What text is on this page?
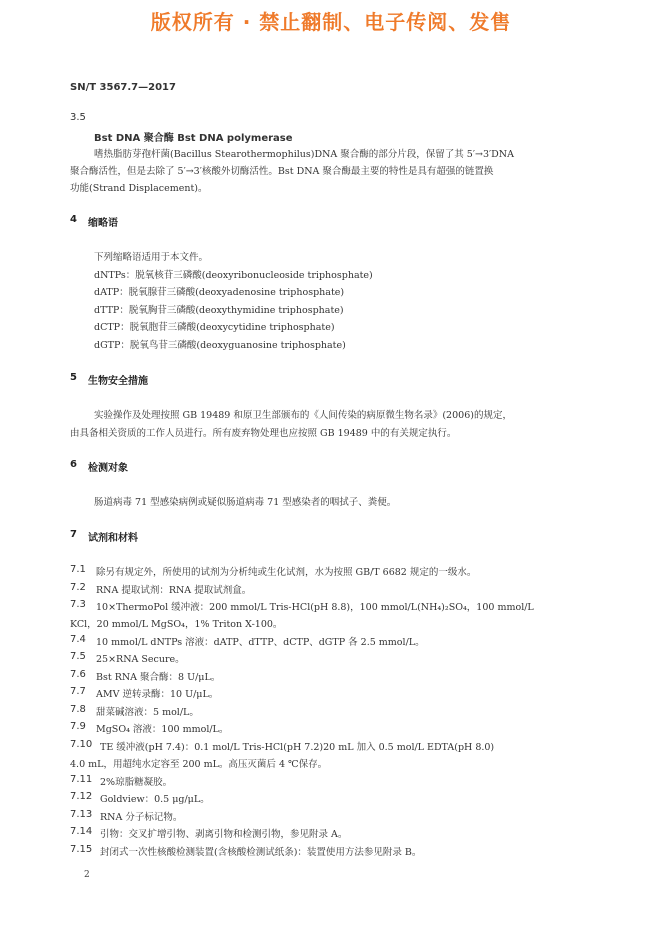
版权所有 · 禁止翻制、电子传阅、发售
SN/T 3567.7—2017
3.5
Bst DNA 聚合酶 Bst DNA polymerase
嗜热脂肪芽孢杆菌(Bacillus Stearothermophilus)DNA 聚合酶的部分片段，保留了其 5′→3′DNA
聚合酶活性，但是去除了 5′→3′核酸外切酶活性。Bst DNA 聚合酶最主要的特性是具有超强的链置换
功能(Strand Displacement)。
4 缩略语
下列缩略语适用于本文件。
dNTPs：脱氧核苷三磷酸(deoxyribonucleoside triphosphate)
dATP：脱氧腺苷三磷酸(deoxyadenosine triphosphate)
dTTP：脱氧胸苷三磷酸(deoxythymidine triphosphate)
dCTP：脱氧胞苷三磷酸(deoxycytidine triphosphate)
dGTP：脱氧鸟苷三磷酸(deoxyguanosine triphosphate)
5 生物安全措施
实验操作及处理按照 GB 19489 和原卫生部颁布的《人间传染的病原微生物名录》(2006)的规定，
由具备相关资质的工作人员进行。所有废弃物处理也应按照 GB 19489 中的有关规定执行。
6 检测对象
肠道病毒 71 型感染病例或疑似肠道病毒 71 型感染者的咽拭子、粪便。
7 试剂和材料
7.1 除另有规定外，所使用的试剂为分析纯或生化试剂，水为按照 GB/T 6682 规定的一级水。
7.2 RNA 提取试剂：RNA 提取试剂盒。
7.3 10×ThermoPol 缓冲液：200 mmol/L Tris-HCl(pH 8.8)，100 mmol/L(NH₄)₂SO₄，100 mmol/L
KCl，20 mmol/L MgSO₄，1% Triton X-100。
7.4 10 mmol/L dNTPs 溶液：dATP、dTTP、dCTP、dGTP 各 2.5 mmol/L。
7.5 25×RNA Secure。
7.6 Bst RNA 聚合酶：8 U/μL。
7.7 AMV 逆转录酶：10 U/μL。
7.8 甜菜碱溶液：5 mol/L。
7.9 MgSO₄ 溶液：100 mmol/L。
7.10 TE 缓冲液(pH 7.4)：0.1 mol/L Tris-HCl(pH 7.2)20 mL 加入 0.5 mol/L EDTA(pH 8.0)
4.0 mL，用超纯水定容至 200 mL。高压灭菌后 4 ℃保存。
7.11 2%琼脂糖凝胶。
7.12 Goldview：0.5 μg/μL。
7.13 RNA 分子标记物。
7.14 引物：交叉扩增引物、剥离引物和检测引物，参见附录 A。
7.15 封闭式一次性核酸检测装置(含核酸检测试纸条)：装置使用方法参见附录 B。
2
